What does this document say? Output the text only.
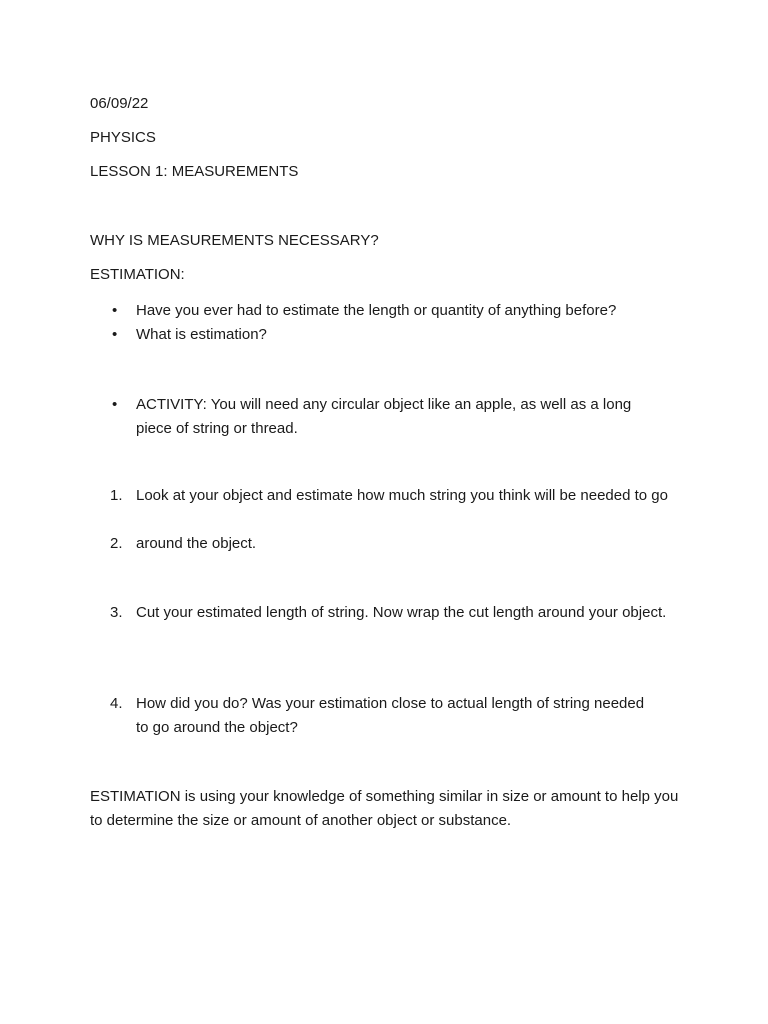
06/09/22
PHYSICS
LESSON 1: MEASUREMENTS
WHY IS MEASUREMENTS NECESSARY?
ESTIMATION:
•	Have you ever had to estimate the length or quantity of anything before?
•	What is estimation?
•	ACTIVITY: You will need any circular object like an apple, as well as a long piece of string or thread.
1. Look at your object and estimate how much string you think will be needed to go
2. around the object.
3. Cut your estimated length of string. Now wrap the cut length around your object.
4. How did you do? Was your estimation close to actual length of string needed to go around the object?
ESTIMATION is using your knowledge of something similar in size or amount to help you to determine the size or amount of another object or substance.
